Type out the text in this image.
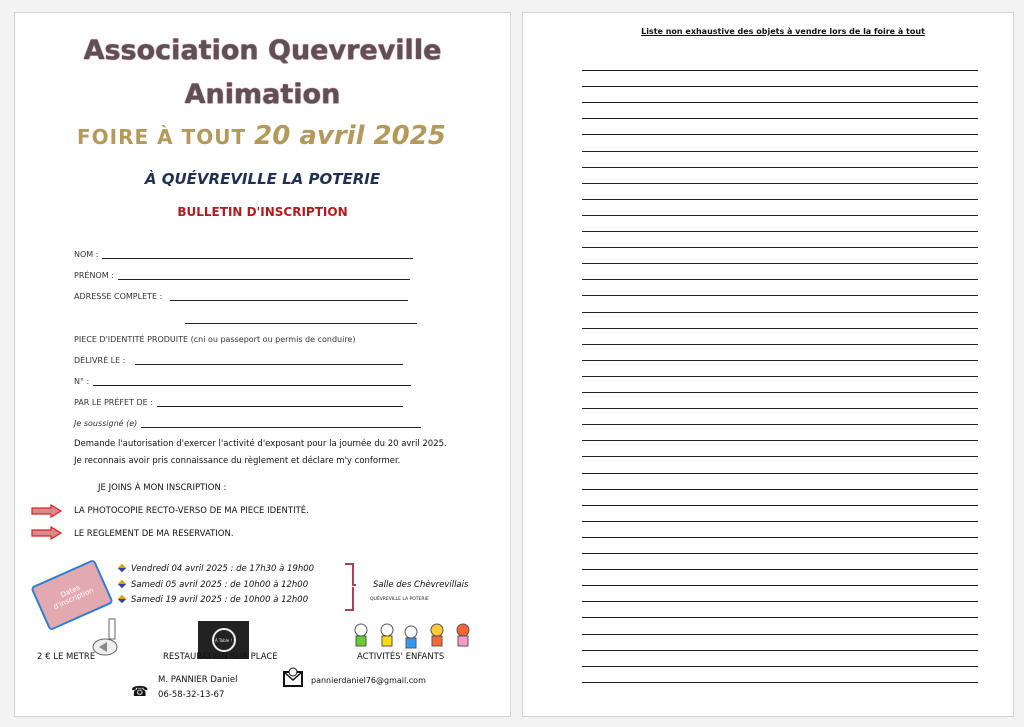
Association Quevreville
Animation
FOIRE À TOUT 20 avril 2025
À QUÉVREVILLE LA POTERIE
BULLETIN D'INSCRIPTION
NOM :
PRÉNOM :
ADRESSE COMPLETE :
PIECE D'IDENTITÉ PRODUITE (cni ou passeport ou permis de conduire)
DÉLIVRÉ LE :
N° :
PAR LE PRÉFET DE :
Je soussigné (e)
Demande l'autorisation d'exercer l'activité d'exposant pour la journée du 20 avril 2025.
Je reconnais avoir pris connaissance du règlement et déclare m'y conformer.
JE JOINS À MON INSCRIPTION :
LA PHOTOCOPIE RECTO-VERSO DE MA PIECE IDENTITÉ.
LE REGLEMENT DE MA RESERVATION.
Dates d'inscription
Vendredi 04 avril 2025 : de 17h30 à 19h00
Samedi 05 avril 2025 : de 10h00 à 12h00
Samedi 19 avril 2025 : de 10h00 à 12h00
Salle des Chèvrevillais
QUÉVREVILLE LA POTERIE
À Table !
2 € LE METRE	RESTAURATION SUR PLACE	ACTIVITÉS' ENFANTS
M. PANNIER Daniel
☎ 06-58-32-13-67
pannierdaniel76@gmail.com
Liste non exhaustive des objets à vendre lors de la foire à tout
